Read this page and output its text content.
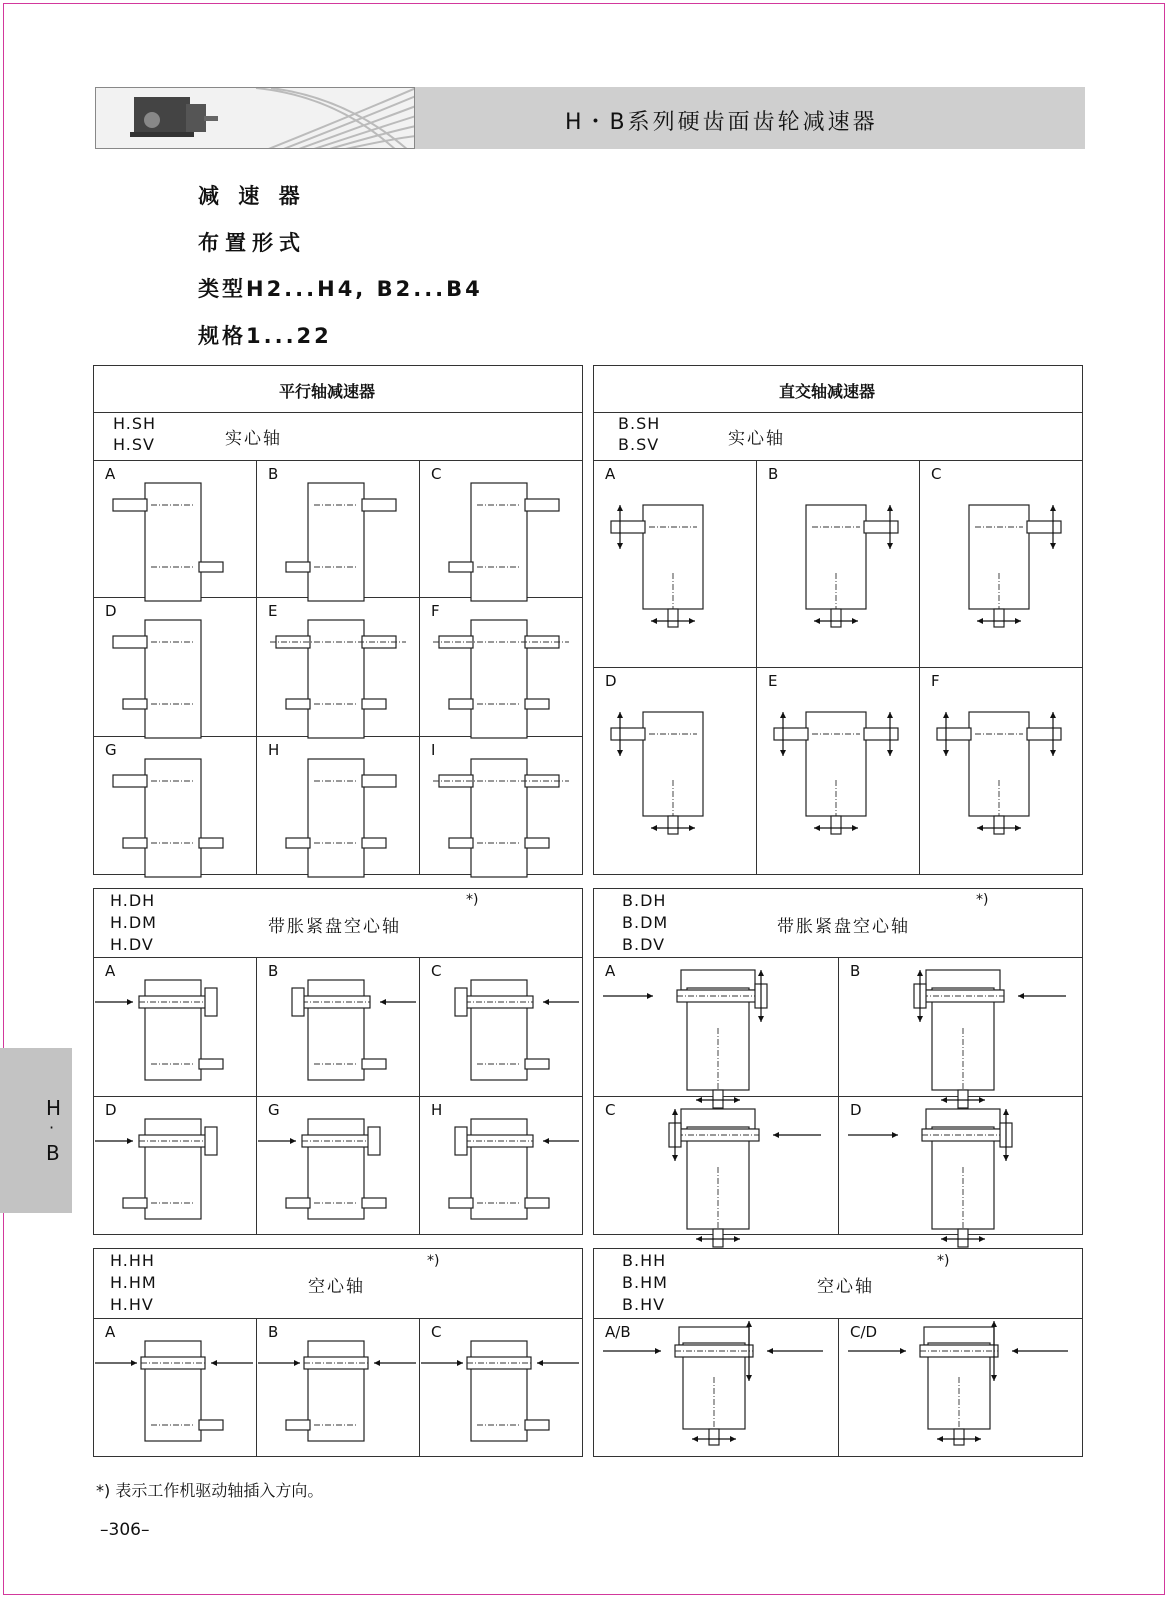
H・B系列硬齿面齿轮减速器
减 速 器
布置形式
类型H2...H4, B2...B4
规格1...22
平行轴减速器
H.SH
H.SV	实心轴
直交轴减速器
B.SH
B.SV	实心轴
H.DH
H.DM
H.DV
带胀紧盘空心轴
*)	B.DH
B.DM
B.DV
带胀紧盘空心轴
*)
H.HH
H.HM
H.HV
空心轴
*)	B.HH
B.HM
B.HV
空心轴
*)
A	B	C
D	E	F
G	H	I
A	B	C
D	E	F
A	B	C
D	G	H
A	B
C	D
A	B	C	A/B	C/D
H
·
B
*) 表示工作机驱动轴插入方向。
–306–
